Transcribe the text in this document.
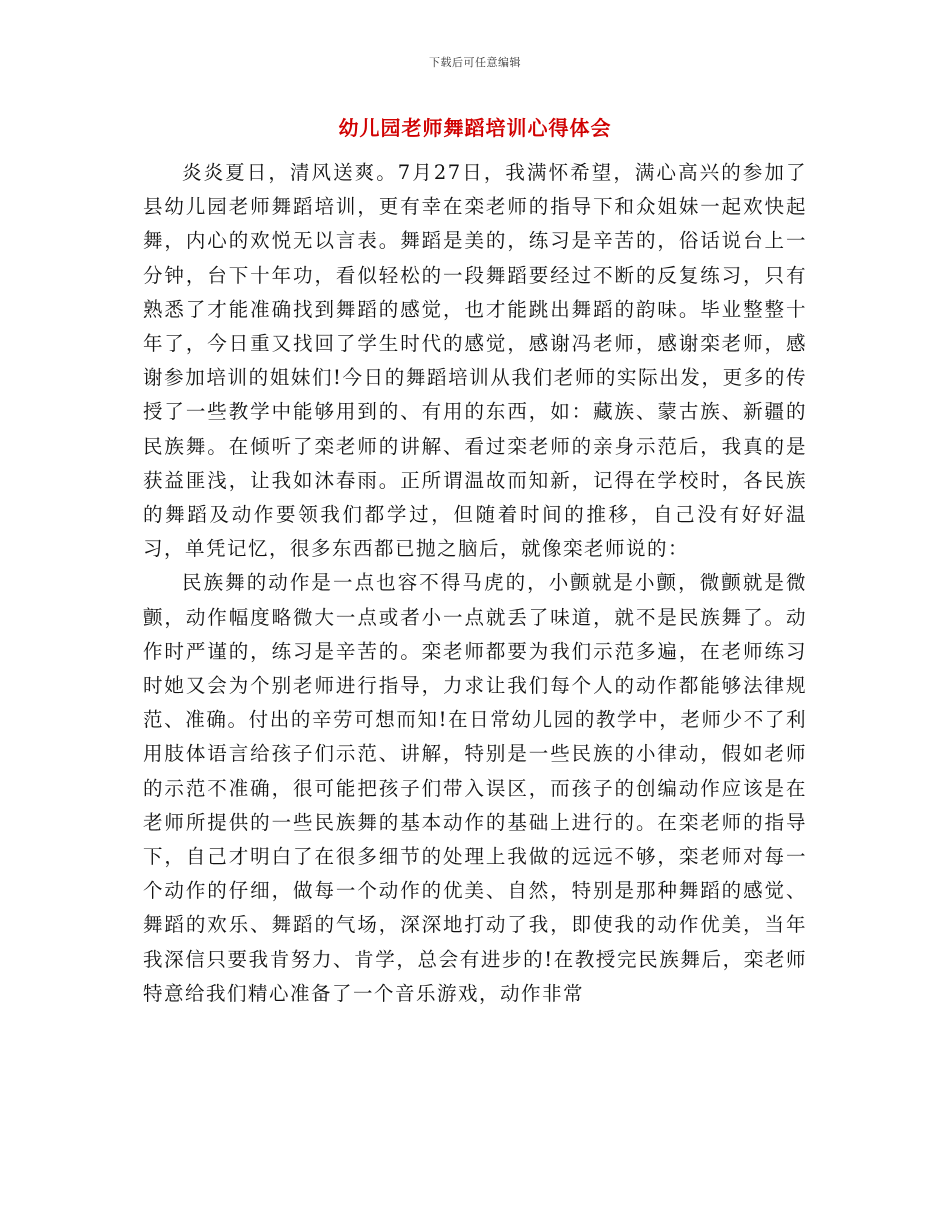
下载后可任意编辑
幼儿园老师舞蹈培训心得体会

炎炎夏日，清风送爽。7月27日，我满怀希望，满心高兴的参加了县幼儿园老师舞蹈培训，更有幸在栾老师的指导下和众姐妹一起欢快起舞，内心的欢悦无以言表。舞蹈是美的，练习是辛苦的，俗话说台上一分钟，台下十年功，看似轻松的一段舞蹈要经过不断的反复练习，只有熟悉了才能准确找到舞蹈的感觉，也才能跳出舞蹈的韵味。毕业整整十年了，今日重又找回了学生时代的感觉，感谢冯老师，感谢栾老师，感谢参加培训的姐妹们!今日的舞蹈培训从我们老师的实际出发，更多的传授了一些教学中能够用到的、有用的东西，如：藏族、蒙古族、新疆的民族舞。在倾听了栾老师的讲解、看过栾老师的亲身示范后，我真的是获益匪浅，让我如沐春雨。正所谓温故而知新，记得在学校时，各民族的舞蹈及动作要领我们都学过，但随着时间的推移，自己没有好好温习，单凭记忆，很多东西都已抛之脑后，就像栾老师说的：

民族舞的动作是一点也容不得马虎的，小颤就是小颤，微颤就是微颤，动作幅度略微大一点或者小一点就丢了味道，就不是民族舞了。动作时严谨的，练习是辛苦的。栾老师都要为我们示范多遍，在老师练习时她又会为个别老师进行指导，力求让我们每个人的动作都能够法律规范、准确。付出的辛劳可想而知!在日常幼儿园的教学中，老师少不了利用肢体语言给孩子们示范、讲解，特别是一些民族的小律动，假如老师的示范不准确，很可能把孩子们带入误区，而孩子的创编动作应该是在老师所提供的一些民族舞的基本动作的基础上进行的。在栾老师的指导下，自己才明白了在很多细节的处理上我做的远远不够，栾老师对每一个动作的仔细，做每一个动作的优美、自然，特别是那种舞蹈的感觉、舞蹈的欢乐、舞蹈的气场，深深地打动了我，即使我的动作优美，当年我深信只要我肯努力、肯学，总会有进步的!在教授完民族舞后，栾老师特意给我们精心准备了一个音乐游戏，动作非常
